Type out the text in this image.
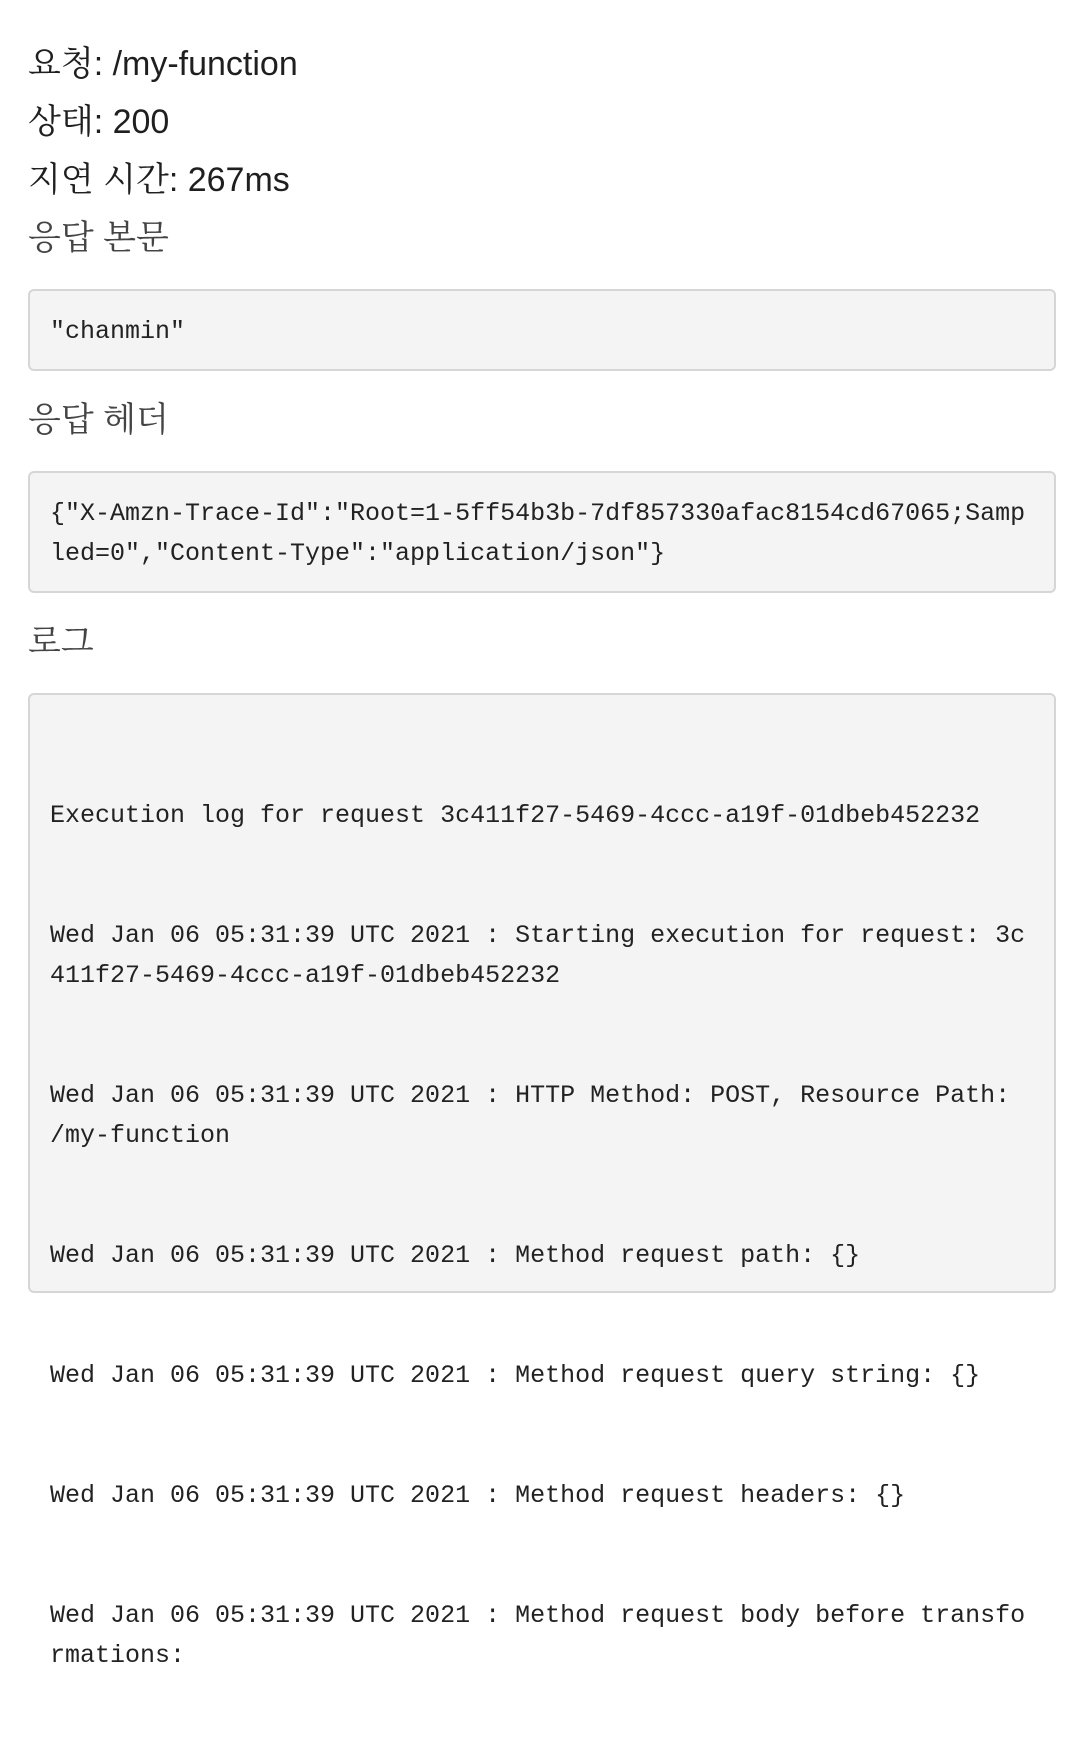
요청: /my-function
상태: 200
지연 시간: 267ms
응답 본문
"chanmin"
응답 헤더
{"X-Amzn-Trace-Id":"Root=1-5ff54b3b-7df857330afac8154cd67065;Sampled=0","Content-Type":"application/json"}
로그

Execution log for request 3c411f27-5469-4ccc-a19f-01dbeb452232

Wed Jan 06 05:31:39 UTC 2021 : Starting execution for request: 3c411f27-5469-4ccc-a19f-01dbeb452232

Wed Jan 06 05:31:39 UTC 2021 : HTTP Method: POST, Resource Path: /my-function

Wed Jan 06 05:31:39 UTC 2021 : Method request path: {}

Wed Jan 06 05:31:39 UTC 2021 : Method request query string: {}

Wed Jan 06 05:31:39 UTC 2021 : Method request headers: {}

Wed Jan 06 05:31:39 UTC 2021 : Method request body before transformations:
